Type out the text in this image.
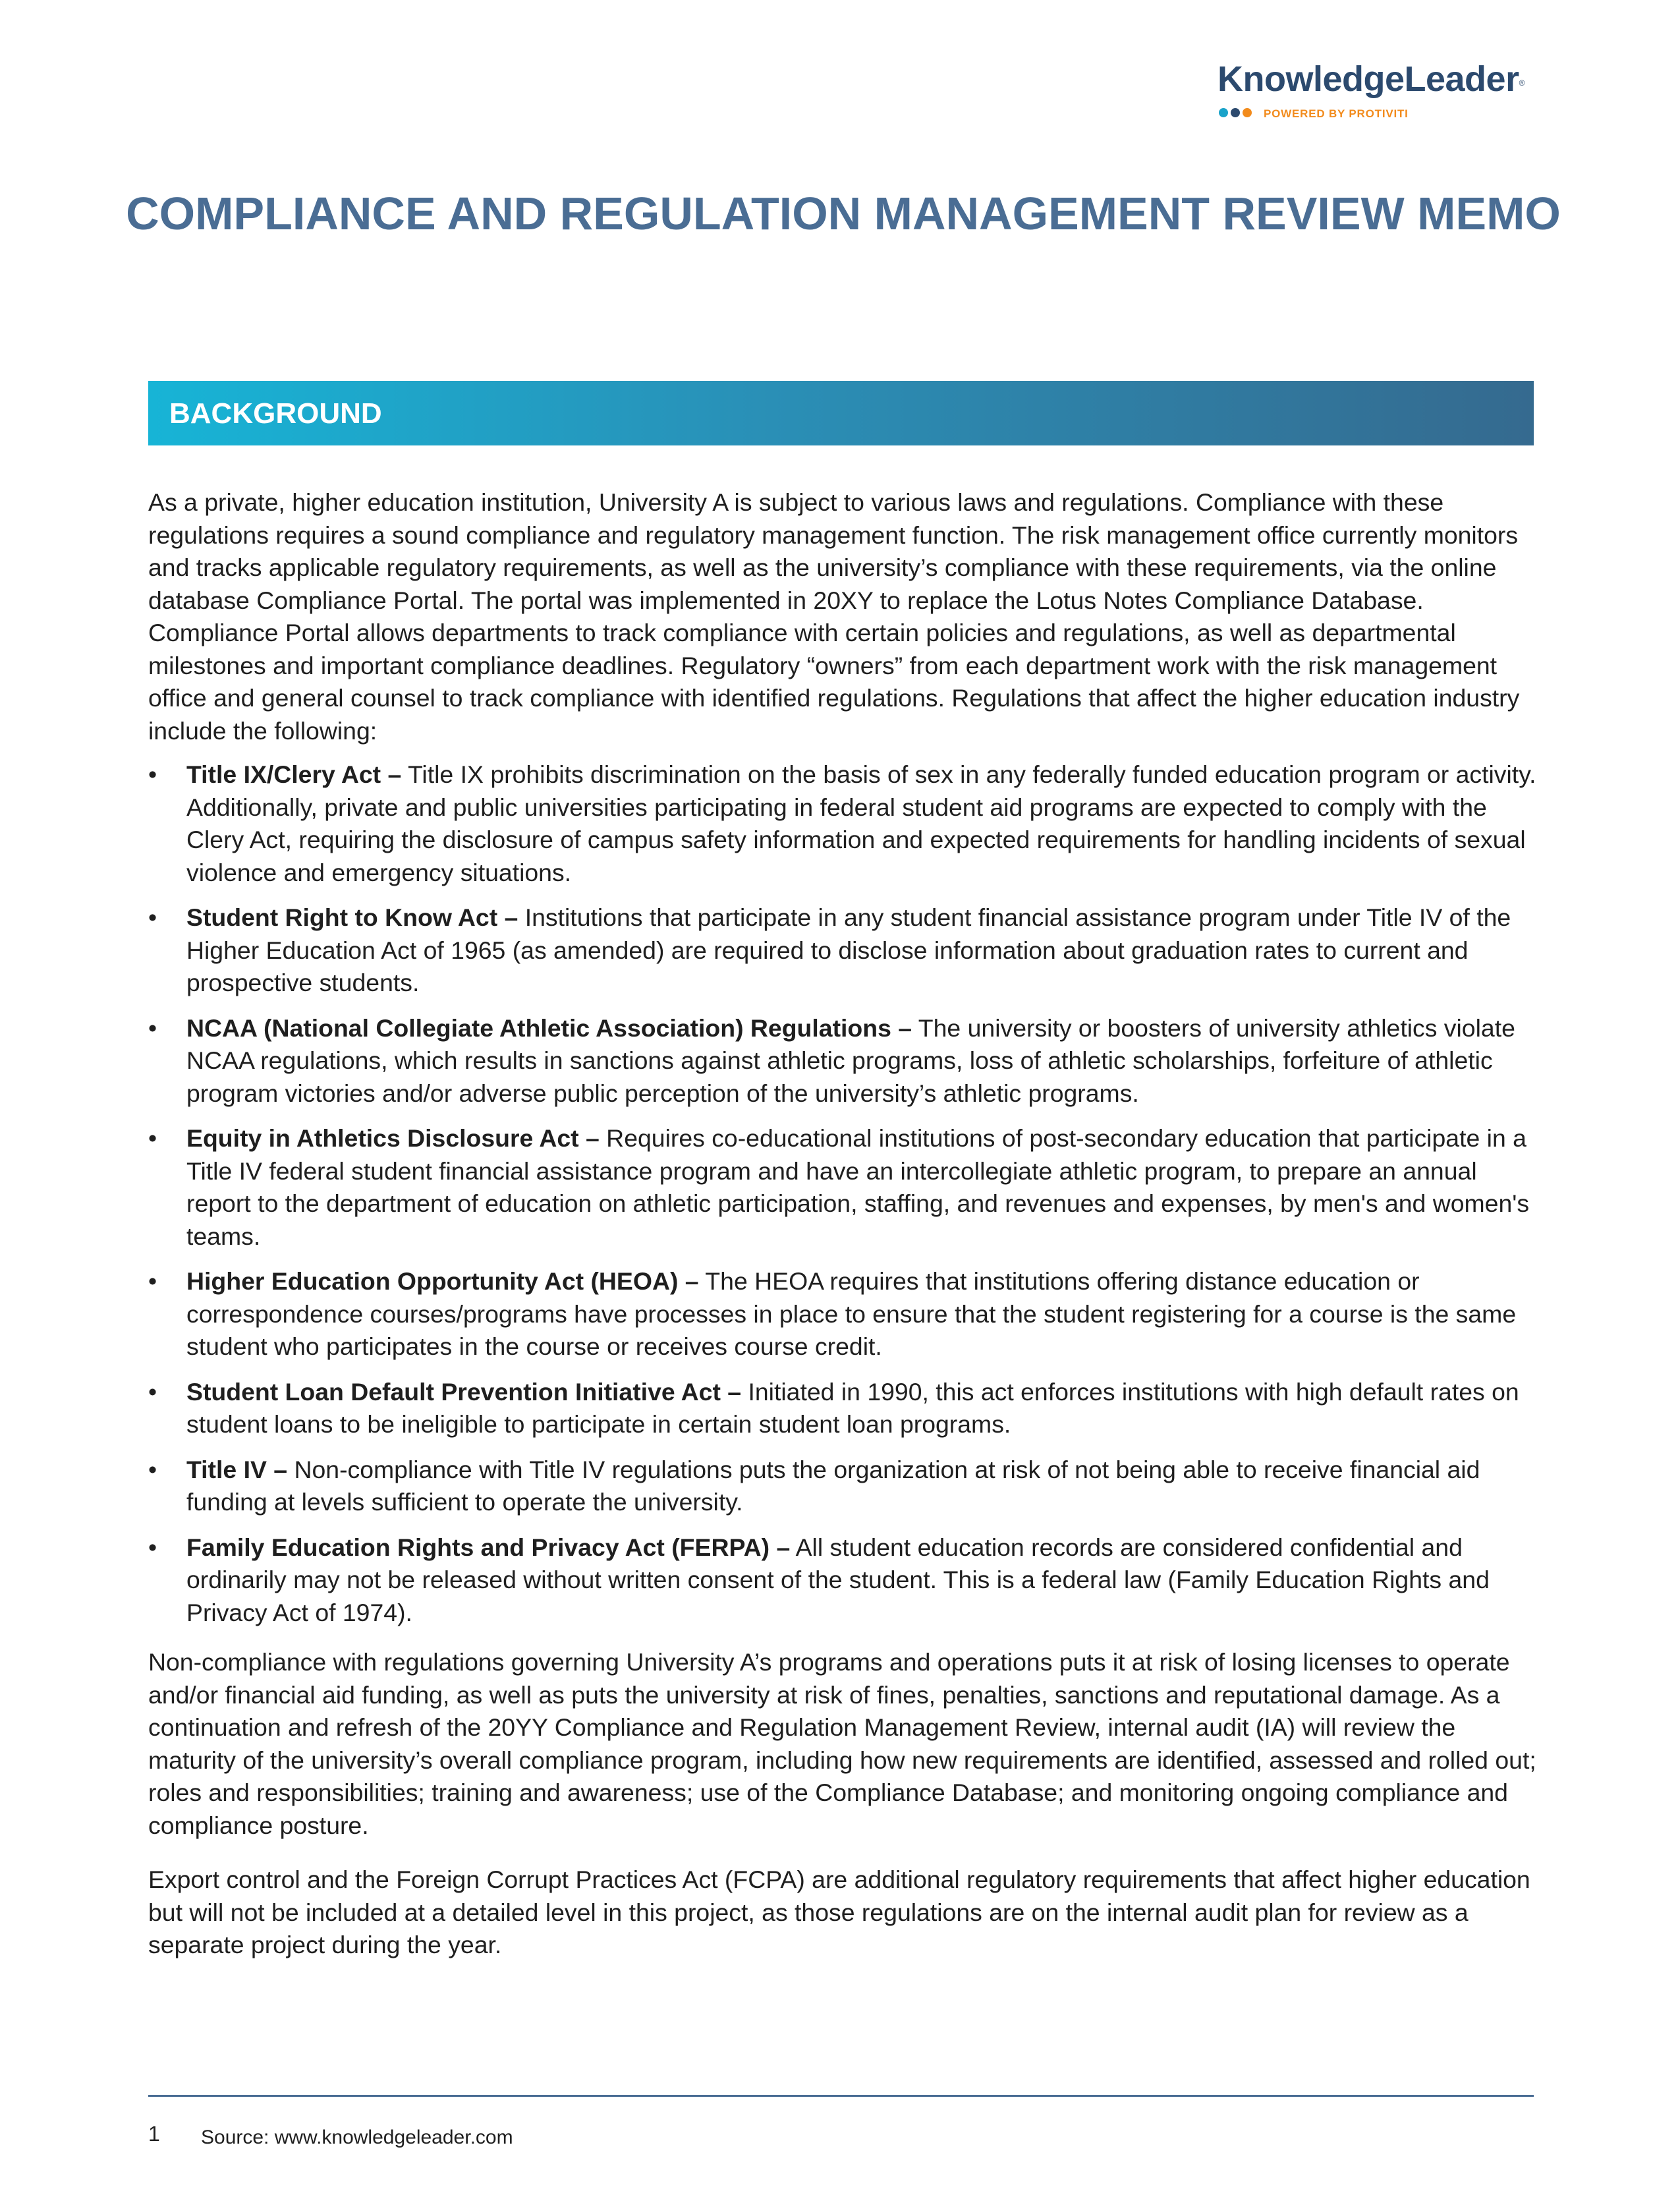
KnowledgeLeader®
POWERED BY PROTIVITI
COMPLIANCE AND REGULATION MANAGEMENT REVIEW MEMO
BACKGROUND

As a private, higher education institution, University A is subject to various laws and regulations. Compliance with these regulations requires a sound compliance and regulatory management function. The risk management office currently monitors and tracks applicable regulatory requirements, as well as the university’s compliance with these requirements, via the online database Compliance Portal. The portal was implemented in 20XY to replace the Lotus Notes Compliance Database. Compliance Portal allows departments to track compliance with certain policies and regulations, as well as departmental milestones and important compliance deadlines. Regulatory “owners” from each department work with the risk management office and general counsel to track compliance with identified regulations. Regulations that affect the higher education industry include the following:

• Title IX/Clery Act – Title IX prohibits discrimination on the basis of sex in any federally funded education program or activity. Additionally, private and public universities participating in federal student aid programs are expected to comply with the Clery Act, requiring the disclosure of campus safety information and expected requirements for handling incidents of sexual violence and emergency situations.
• Student Right to Know Act – Institutions that participate in any student financial assistance program under Title IV of the Higher Education Act of 1965 (as amended) are required to disclose information about graduation rates to current and prospective students.
• NCAA (National Collegiate Athletic Association) Regulations – The university or boosters of university athletics violate NCAA regulations, which results in sanctions against athletic programs, loss of athletic scholarships, forfeiture of athletic program victories and/or adverse public perception of the university’s athletic programs.
• Equity in Athletics Disclosure Act – Requires co-educational institutions of post-secondary education that participate in a Title IV federal student financial assistance program and have an intercollegiate athletic program, to prepare an annual report to the department of education on athletic participation, staffing, and revenues and expenses, by men's and women's teams.
• Higher Education Opportunity Act (HEOA) – The HEOA requires that institutions offering distance education or correspondence courses/programs have processes in place to ensure that the student registering for a course is the same student who participates in the course or receives course credit.
• Student Loan Default Prevention Initiative Act – Initiated in 1990, this act enforces institutions with high default rates on student loans to be ineligible to participate in certain student loan programs.
• Title IV – Non-compliance with Title IV regulations puts the organization at risk of not being able to receive financial aid funding at levels sufficient to operate the university.
• Family Education Rights and Privacy Act (FERPA) – All student education records are considered confidential and ordinarily may not be released without written consent of the student. This is a federal law (Family Education Rights and Privacy Act of 1974).

Non-compliance with regulations governing University A’s programs and operations puts it at risk of losing licenses to operate and/or financial aid funding, as well as puts the university at risk of fines, penalties, sanctions and reputational damage. As a continuation and refresh of the 20YY Compliance and Regulation Management Review, internal audit (IA) will review the maturity of the university’s overall compliance program, including how new requirements are identified, assessed and rolled out; roles and responsibilities; training and awareness; use of the Compliance Database; and monitoring ongoing compliance and compliance posture.

Export control and the Foreign Corrupt Practices Act (FCPA) are additional regulatory requirements that affect higher education but will not be included at a detailed level in this project, as those regulations are on the internal audit plan for review as a separate project during the year.

1 Source: www.knowledgeleader.com
